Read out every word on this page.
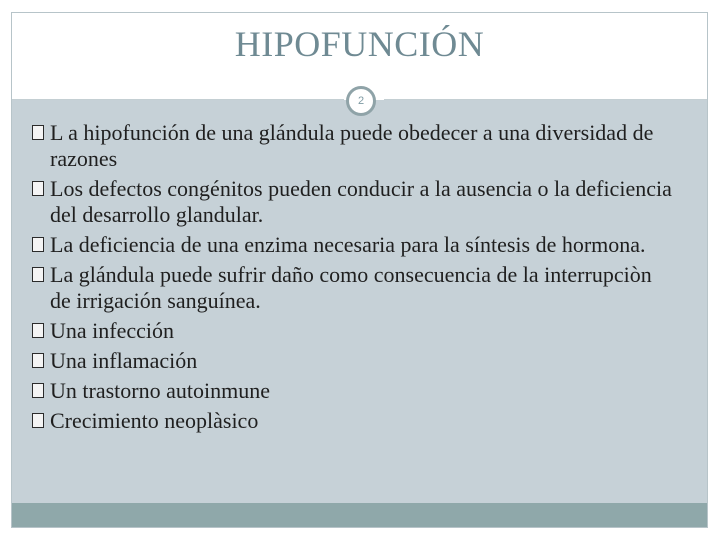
HIPOFUNCIÓN
2
L a hipofunción de una glándula puede obedecer a una diversidad de razones
Los defectos congénitos pueden conducir a la ausencia o la deficiencia del desarrollo glandular.
La deficiencia de una enzima necesaria para la síntesis de hormona.
La glándula puede sufrir daño como consecuencia de la interrupciòn de irrigación sanguínea.
Una infección
Una inflamación
Un trastorno autoinmune
Crecimiento neoplàsico
